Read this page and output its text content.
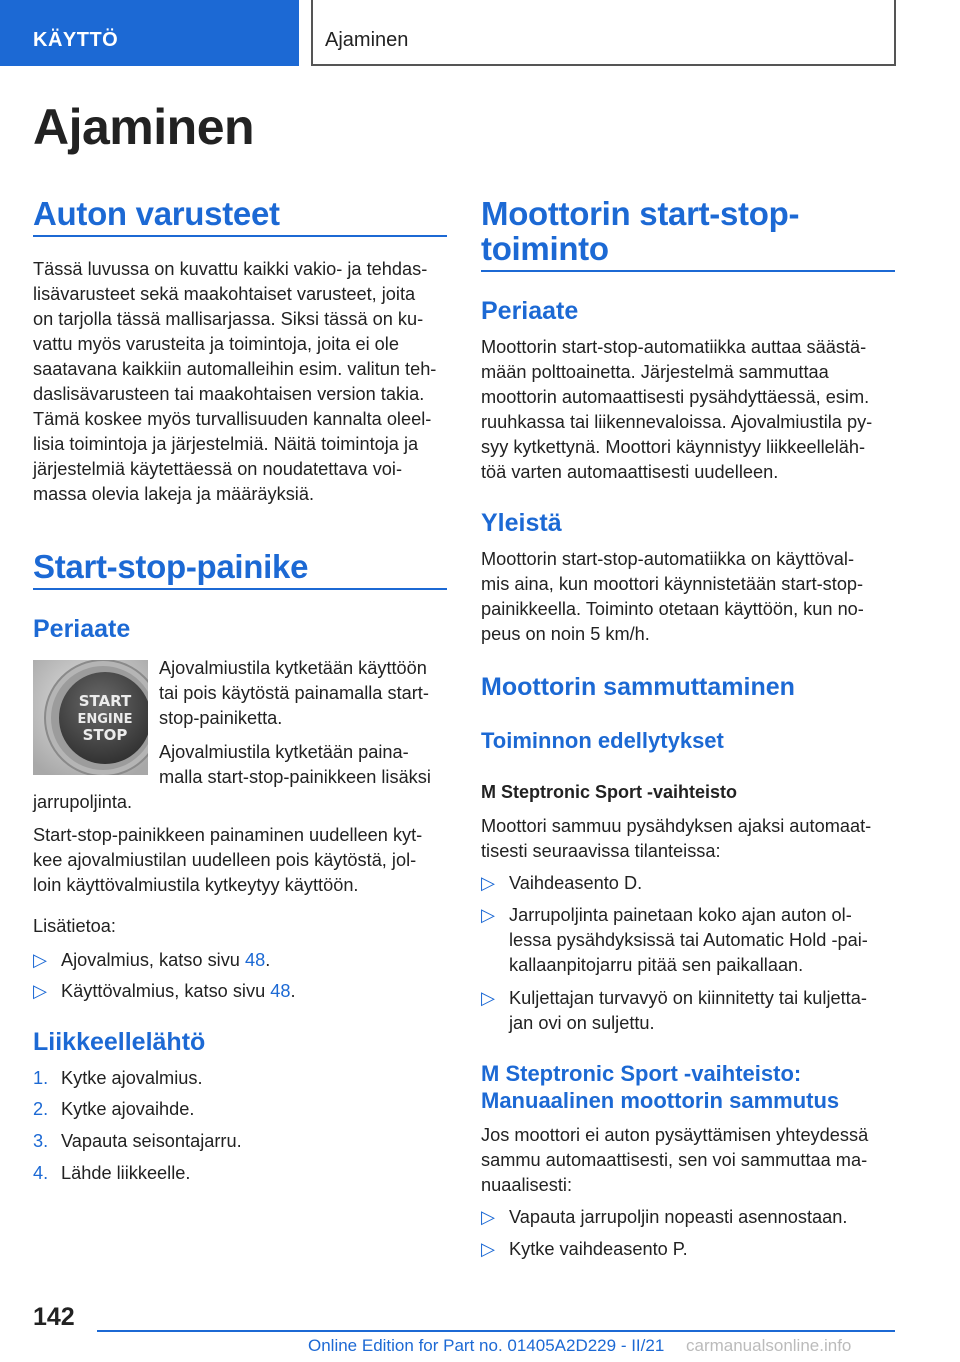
KÄYTTÖ	Ajaminen
Ajaminen
Auton varusteet
Tässä luvussa on kuvattu kaikki vakio- ja tehdas‐
lisävarusteet sekä maakohtaiset varusteet, joita
on tarjolla tässä mallisarjassa. Siksi tässä on ku‐
vattu myös varusteita ja toimintoja, joita ei ole
saatavana kaikkiin automalleihin esim. valitun teh‐
daslisävarusteen tai maakohtaisen version takia.
Tämä koskee myös turvallisuuden kannalta oleel‐
lisia toimintoja ja järjestelmiä. Näitä toimintoja ja
järjestelmiä käytettäessä on noudatettava voi‐
massa olevia lakeja ja määräyksiä.
Start-stop-painike
Periaate
START
ENGINE
STOP
Ajovalmiustila kytketään käyttöön
tai pois käytöstä painamalla start-
stop-painiketta.
Ajovalmiustila kytketään paina‐
malla start-stop-painikkeen lisäksi
jarrupoljinta.
Start-stop-painikkeen painaminen uudelleen kyt‐
kee ajovalmiustilan uudelleen pois käytöstä, jol‐
loin käyttövalmiustila kytkeytyy käyttöön.
Lisätietoa:
▷ Ajovalmius, katso sivu 48.
▷ Käyttövalmius, katso sivu 48.
Liikkeellelähtö
1. Kytke ajovalmius.
2. Kytke ajovaihde.
3. Vapauta seisontajarru.
4. Lähde liikkeelle.
Moottorin start-stop-
toiminto
Periaate
Moottorin start-stop-automatiikka auttaa säästä‐
mään polttoainetta. Järjestelmä sammuttaa
moottorin automaattisesti pysähdyttäessä, esim.
ruuhkassa tai liikennevaloissa. Ajovalmiustila py‐
syy kytkettynä. Moottori käynnistyy liikkeelleläh‐
töä varten automaattisesti uudelleen.
Yleistä
Moottorin start-stop-automatiikka on käyttöval‐
mis aina, kun moottori käynnistetään start-stop-
painikkeella. Toiminto otetaan käyttöön, kun no‐
peus on noin 5 km/h.
Moottorin sammuttaminen
Toiminnon edellytykset
M Steptronic Sport -vaihteisto
Moottori sammuu pysähdyksen ajaksi automaat‐
tisesti seuraavissa tilanteissa:
▷ Vaihdeasento D.
▷ Jarrupoljinta painetaan koko ajan auton ol‐
lessa pysähdyksissä tai Automatic Hold -pai‐
kallaanpitojarru pitää sen paikallaan.
▷ Kuljettajan turvavyö on kiinnitetty tai kuljetta‐
jan ovi on suljettu.
M Steptronic Sport -vaihteisto:
Manuaalinen moottorin sammutus
Jos moottori ei auton pysäyttämisen yhteydessä
sammu automaattisesti, sen voi sammuttaa ma‐
nuaalisesti:
▷ Vapauta jarrupoljin nopeasti asennostaan.
▷ Kytke vaihdeasento P.
142
Online Edition for Part no. 01405A2D229 - II/21 carmanualsonline.info
